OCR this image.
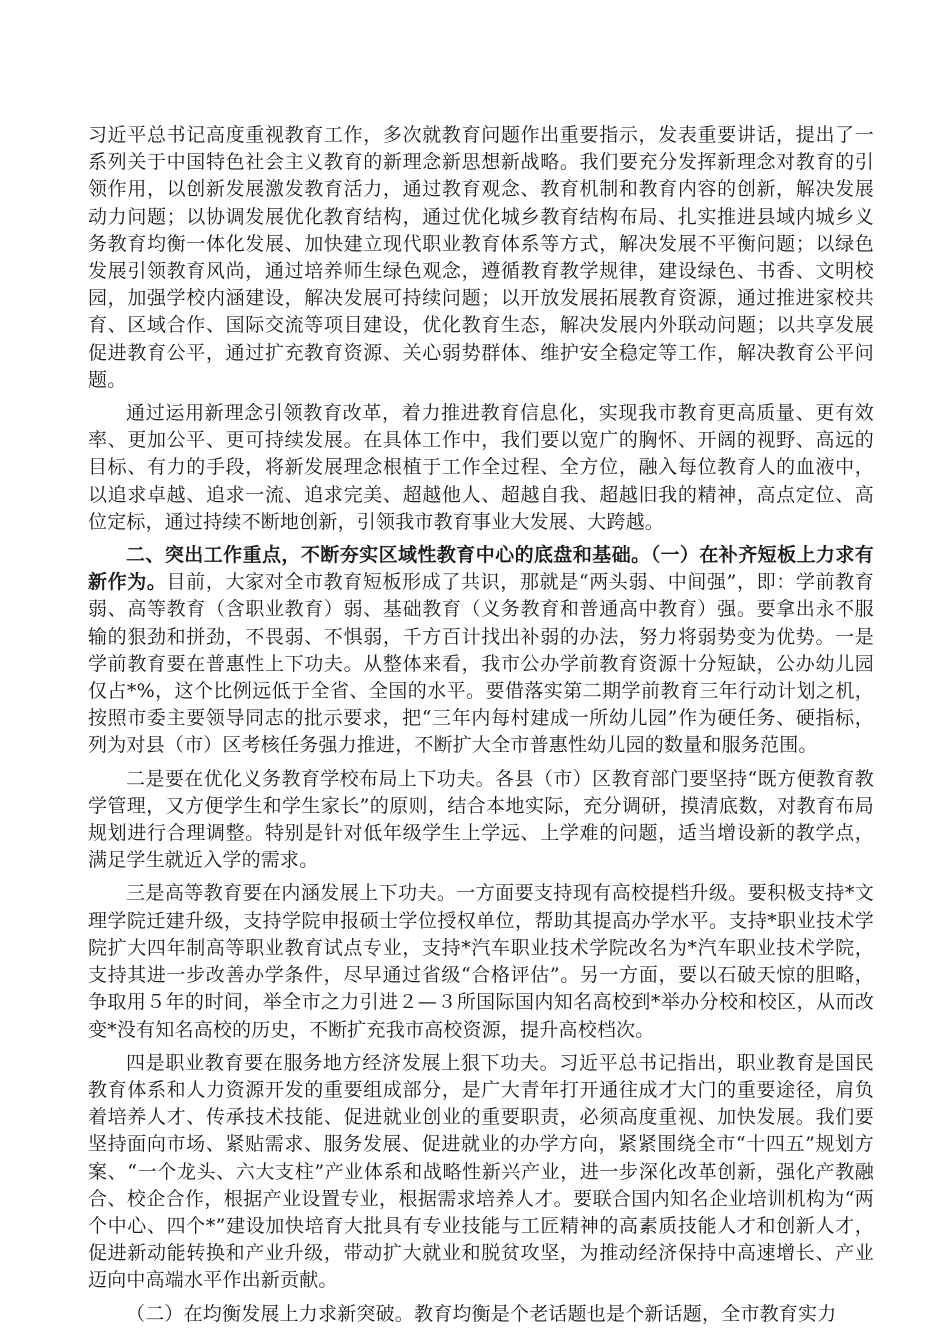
习近平总书记高度重视教育工作，多次就教育问题作出重要指示，发表重要讲话，提出了一系列关于中国特色社会主义教育的新理念新思想新战略。我们要充分发挥新理念对教育的引领作用，以创新发展激发教育活力，通过教育观念、教育机制和教育内容的创新，解决发展动力问题；以协调发展优化教育结构，通过优化城乡教育结构布局、扎实推进县域内城乡义务教育均衡一体化发展、加快建立现代职业教育体系等方式，解决发展不平衡问题；以绿色发展引领教育风尚，通过培养师生绿色观念，遵循教育教学规律，建设绿色、书香、文明校园，加强学校内涵建设，解决发展可持续问题；以开放发展拓展教育资源，通过推进家校共育、区域合作、国际交流等项目建设，优化教育生态，解决发展内外联动问题；以共享发展促进教育公平，通过扩充教育资源、关心弱势群体、维护安全稳定等工作，解决教育公平问题。

通过运用新理念引领教育改革，着力推进教育信息化，实现我市教育更高质量、更有效率、更加公平、更可持续发展。在具体工作中，我们要以宽广的胸怀、开阔的视野、高远的目标、有力的手段，将新发展理念根植于工作全过程、全方位，融入每位教育人的血液中，以追求卓越、追求一流、追求完美、超越他人、超越自我、超越旧我的精神，高点定位、高位定标，通过持续不断地创新，引领我市教育事业大发展、大跨越。

二、突出工作重点，不断夯实区域性教育中心的底盘和基础。（一）在补齐短板上力求有新作为。目前，大家对全市教育短板形成了共识，那就是“两头弱、中间强”，即：学前教育弱、高等教育（含职业教育）弱、基础教育（义务教育和普通高中教育）强。要拿出永不服输的狠劲和拼劲，不畏弱、不惧弱，千方百计找出补弱的办法，努力将弱势变为优势。一是学前教育要在普惠性上下功夫。从整体来看，我市公办学前教育资源十分短缺，公办幼儿园仅占*%，这个比例远低于全省、全国的水平。要借落实第二期学前教育三年行动计划之机，按照市委主要领导同志的批示要求，把“三年内每村建成一所幼儿园”作为硬任务、硬指标，列为对县（市）区考核任务强力推进，不断扩大全市普惠性幼儿园的数量和服务范围。

二是要在优化义务教育学校布局上下功夫。各县（市）区教育部门要坚持“既方便教育教学管理，又方便学生和学生家长”的原则，结合本地实际，充分调研，摸清底数，对教育布局规划进行合理调整。特别是针对低年级学生上学远、上学难的问题，适当增设新的教学点，满足学生就近入学的需求。

三是高等教育要在内涵发展上下功夫。一方面要支持现有高校提档升级。要积极支持*文理学院迁建升级，支持学院申报硕士学位授权单位，帮助其提高办学水平。支持*职业技术学院扩大四年制高等职业教育试点专业，支持*汽车职业技术学院改名为*汽车职业技术学院，支持其进一步改善办学条件，尽早通过省级“合格评估”。另一方面，要以石破天惊的胆略，争取用５年的时间，举全市之力引进２—３所国际国内知名高校到*举办分校和校区，从而改变*没有知名高校的历史，不断扩充我市高校资源，提升高校档次。

四是职业教育要在服务地方经济发展上狠下功夫。习近平总书记指出，职业教育是国民教育体系和人力资源开发的重要组成部分，是广大青年打开通往成才大门的重要途径，肩负着培养人才、传承技术技能、促进就业创业的重要职责，必须高度重视、加快发展。我们要坚持面向市场、紧贴需求、服务发展、促进就业的办学方向，紧紧围绕全市“十四五”规划方案、“一个龙头、六大支柱”产业体系和战略性新兴产业，进一步深化改革创新，强化产教融合、校企合作，根据产业设置专业，根据需求培养人才。要联合国内知名企业培训机构为“两个中心、四个*”建设加快培育大批具有专业技能与工匠精神的高素质技能人才和创新人才，促进新动能转换和产业升级，带动扩大就业和脱贫攻坚，为推动经济保持中高速增长、产业迈向中高端水平作出新贡献。

（二）在均衡发展上力求新突破。教育均衡是个老话题也是个新话题，全市教育实力
